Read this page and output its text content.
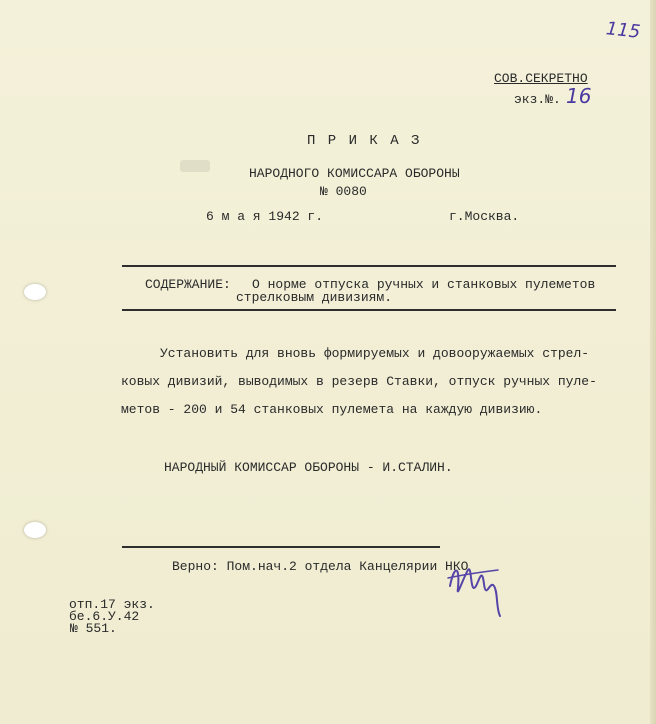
115
СОВ.СЕКРЕТНО
экз.№. 16
П Р И К А З
НАРОДНОГО КОМИССАРА ОБОРОНЫ
№ 0080
6 м а я 1942 г.	г.Москва.
СОДЕРЖАНИЕ: О норме отпуска ручных и станковых пулеметов
стрелковым дивизиям.
Установить для вновь формируемых и довооружаемых стрел-
ковых дивизий, выводимых в резерв Ставки, отпуск ручных пуле-
метов - 200 и 54 станковых пулемета на каждую дивизию.
НАРОДНЫЙ КОМИССАР ОБОРОНЫ - И.СТАЛИН.
Верно: Пом.нач.2 отдела Канцелярии НКО
отп.17 экз.
бе.6.У.42
№ 551.
